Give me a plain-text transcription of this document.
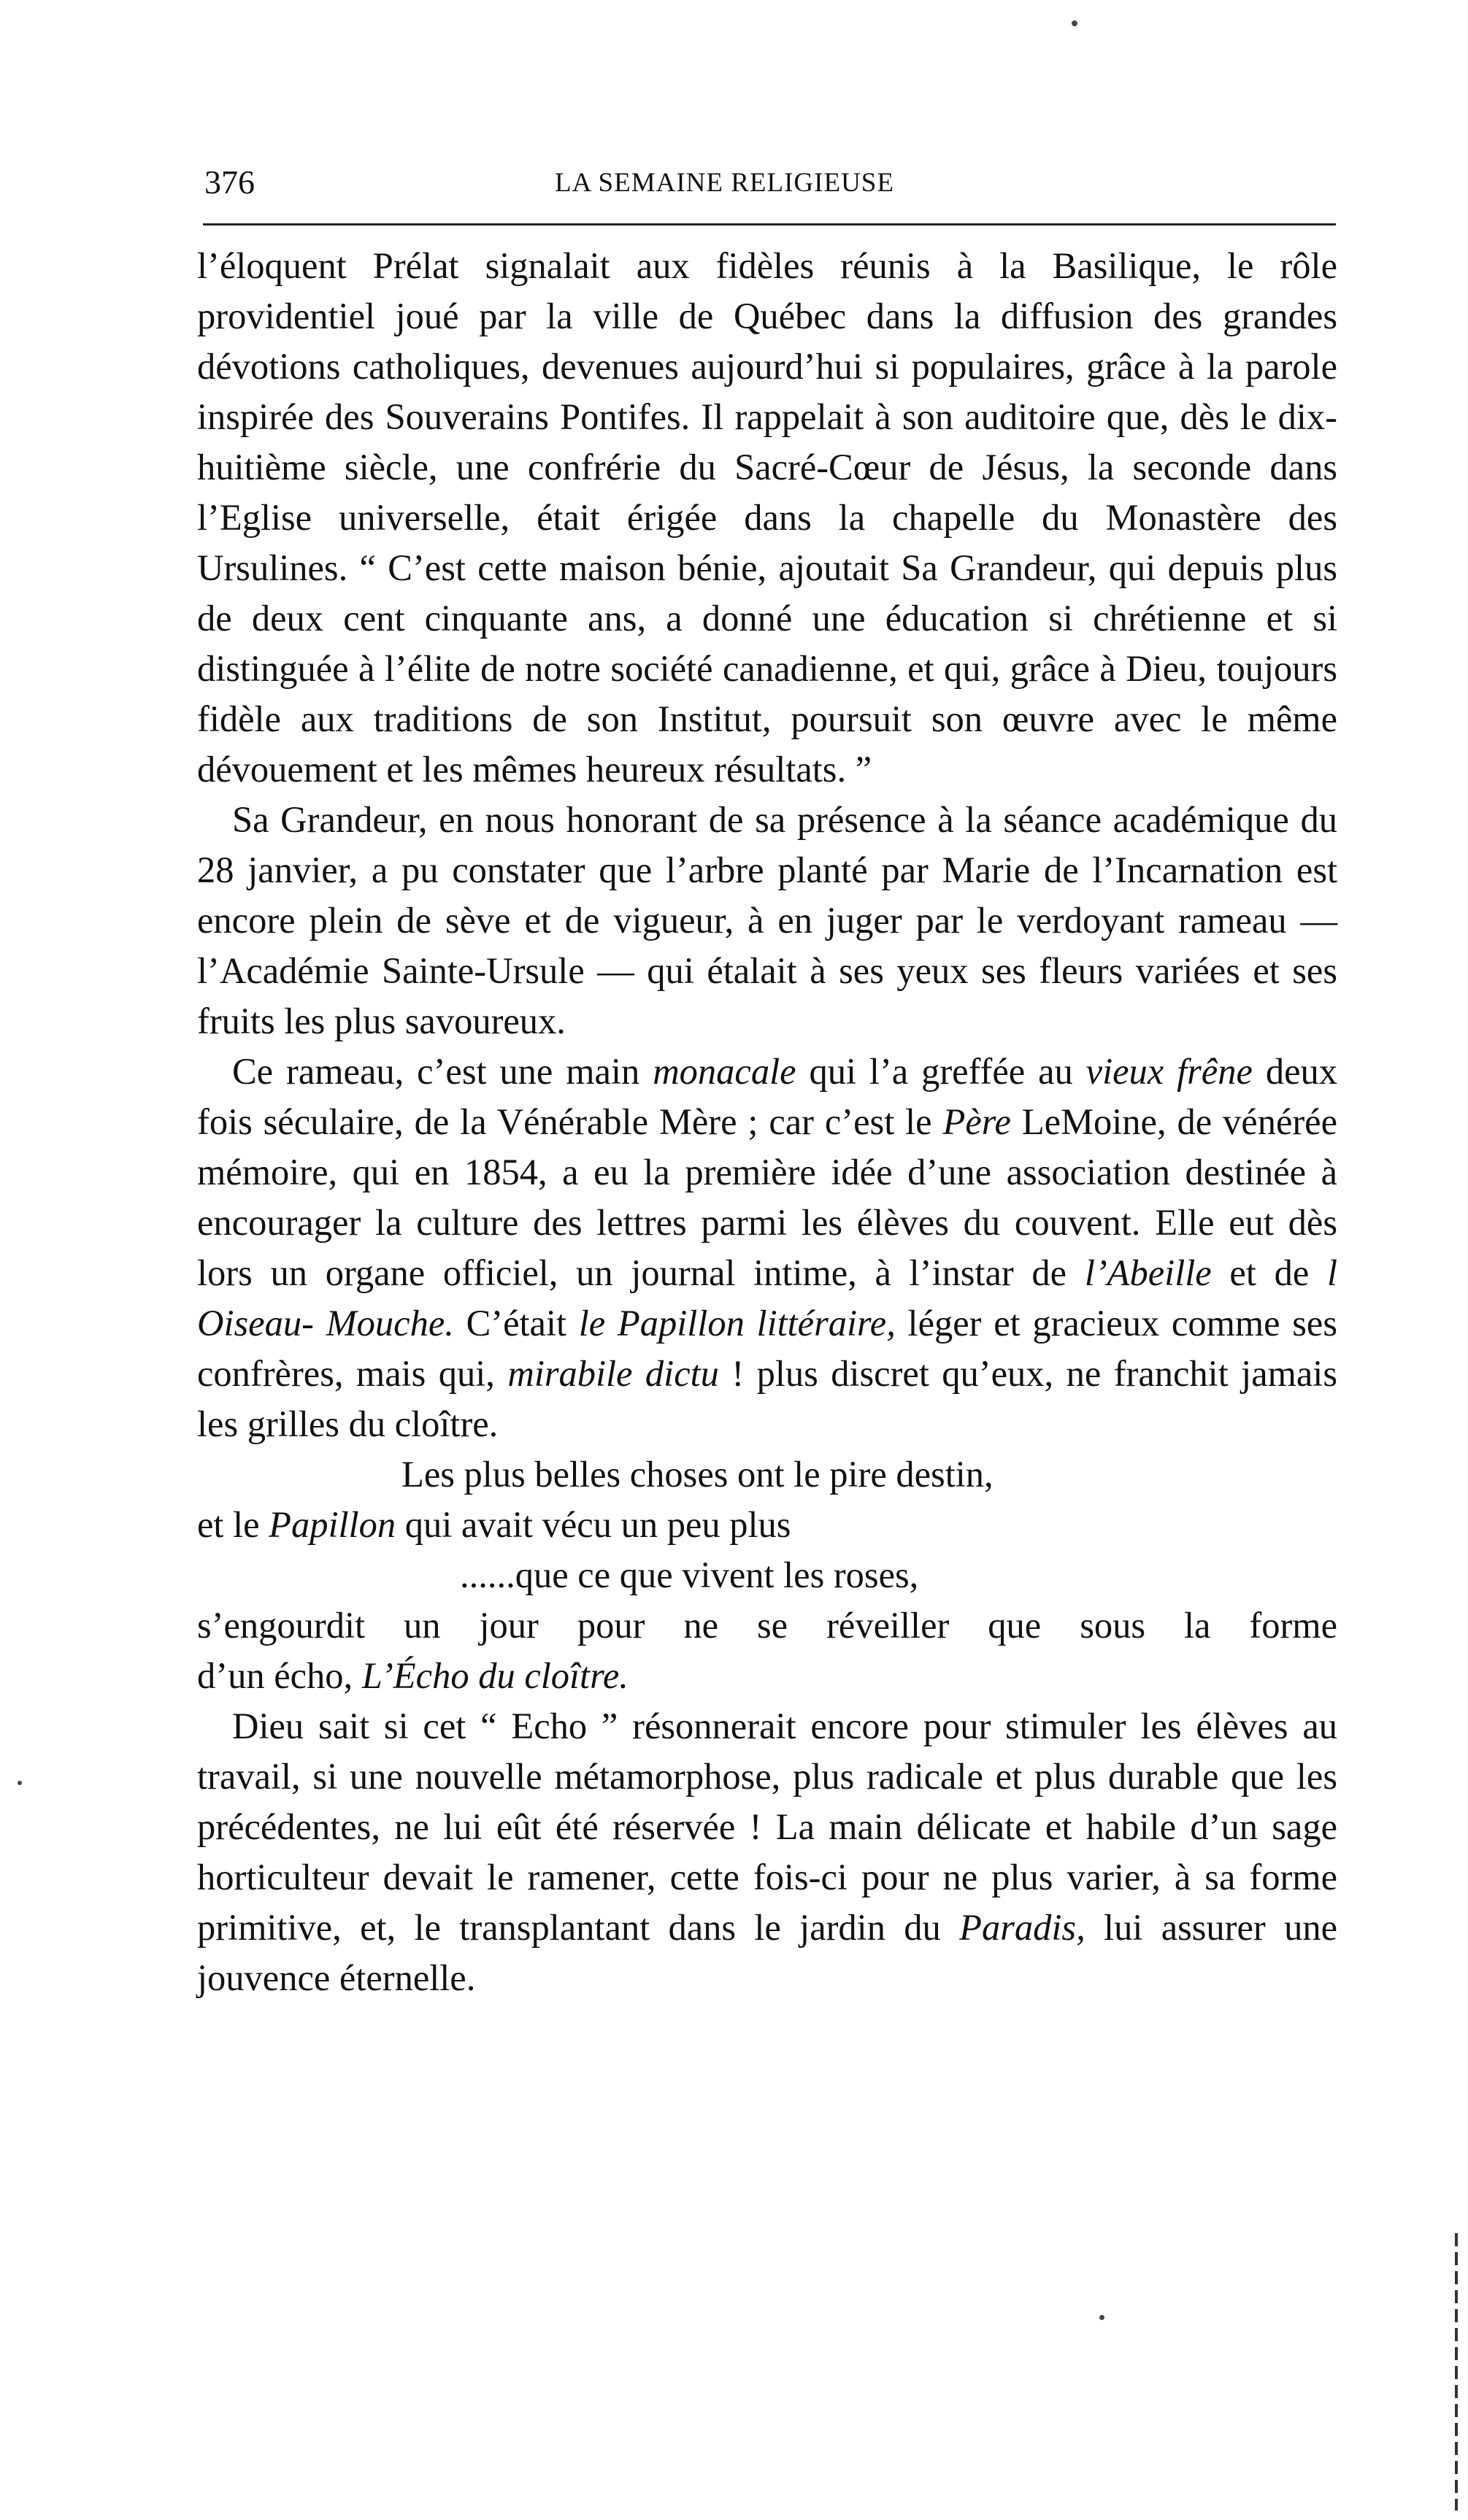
376	LA SEMAINE RELIGIEUSE

l’éloquent Prélat signalait aux fidèles réunis à la Basilique, le rôle providentiel joué par la ville de Québec dans la diffusion des grandes dévotions catholiques, devenues aujourd’hui si populaires, grâce à la parole inspirée des Souverains Pontifes. Il rappelait à son auditoire que, dès le dix-huitième siècle, une confrérie du Sacré-Cœur de Jésus, la seconde dans l’Eglise universelle, était érigée dans la chapelle du Monastère des Ursulines. “ C’est cette maison bénie, ajoutait Sa Grandeur, qui depuis plus de deux cent cinquante ans, a donné une éducation si chrétienne et si distinguée à l’élite de notre société canadienne, et qui, grâce à Dieu, toujours fidèle aux traditions de son Institut, poursuit son œuvre avec le même dévouement et les mêmes heureux résultats. ”

Sa Grandeur, en nous honorant de sa présence à la séance académique du 28 janvier, a pu constater que l’arbre planté par Marie de l’Incarnation est encore plein de sève et de vigueur, à en juger par le verdoyant rameau — l’Académie Sainte-Ursule — qui étalait à ses yeux ses fleurs variées et ses fruits les plus savoureux.

Ce rameau, c’est une main monacale qui l’a greffée au vieux frêne deux fois séculaire, de la Vénérable Mère ; car c’est le Père LeMoine, de vénérée mémoire, qui en 1854, a eu la première idée d’une association destinée à encourager la culture des lettres parmi les élèves du couvent. Elle eut dès lors un organe officiel, un journal intime, à l’instar de l’Abeille et de l Oiseau- Mouche. C’était le Papillon littéraire, léger et gracieux comme ses confrères, mais qui, mirabile dictu ! plus discret qu’eux, ne franchit jamais les grilles du cloître.

Les plus belles choses ont le pire destin,

et le Papillon qui avait vécu un peu plus

......que ce que vivent les roses,

s’engourdit un jour pour ne se réveiller que sous la forme

d’un écho, L’Écho du cloître.

Dieu sait si cet “ Echo ” résonnerait encore pour stimuler les élèves au travail, si une nouvelle métamorphose, plus radicale et plus durable que les précédentes, ne lui eût été réservée ! La main délicate et habile d’un sage horticulteur devait le ramener, cette fois-ci pour ne plus varier, à sa forme primitive, et, le transplantant dans le jardin du Paradis, lui assurer une jouvence éternelle.
